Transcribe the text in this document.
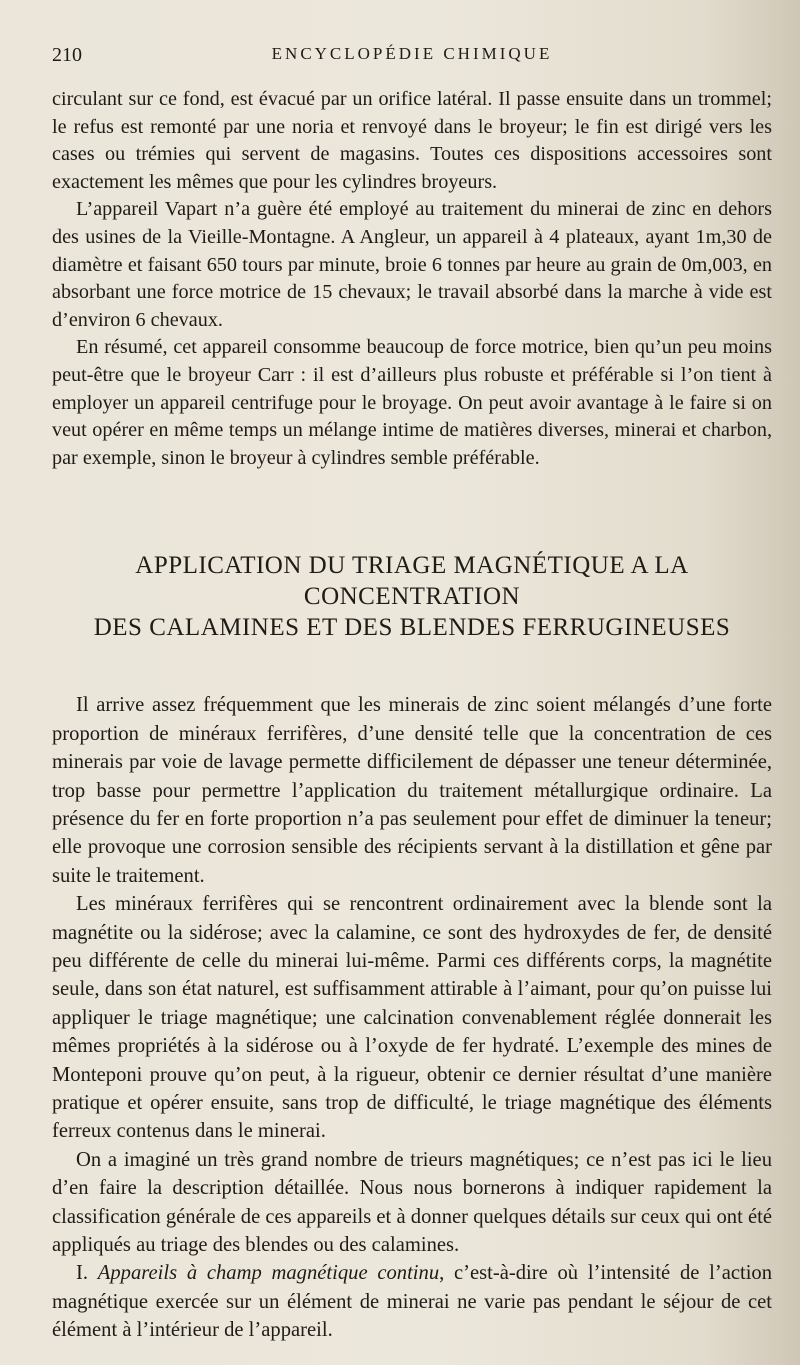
210	ENCYCLOPÉDIE CHIMIQUE

circulant sur ce fond, est évacué par un orifice latéral. Il passe ensuite dans un trommel; le refus est remonté par une noria et renvoyé dans le broyeur; le fin est dirigé vers les cases ou trémies qui servent de magasins. Toutes ces dispositions accessoires sont exactement les mêmes que pour les cylindres broyeurs.

L’appareil Vapart n’a guère été employé au traitement du minerai de zinc en dehors des usines de la Vieille-Montagne. A Angleur, un appareil à 4 plateaux, ayant 1m,30 de diamètre et faisant 650 tours par minute, broie 6 tonnes par heure au grain de 0m,003, en absorbant une force motrice de 15 chevaux; le travail absorbé dans la marche à vide est d’environ 6 chevaux.

En résumé, cet appareil consomme beaucoup de force motrice, bien qu’un peu moins peut-être que le broyeur Carr : il est d’ailleurs plus robuste et préférable si l’on tient à employer un appareil centrifuge pour le broyage. On peut avoir avantage à le faire si on veut opérer en même temps un mélange intime de matières diverses, minerai et charbon, par exemple, sinon le broyeur à cylindres semble préférable.

APPLICATION DU TRIAGE MAGNÉTIQUE A LA CONCENTRATION
DES CALAMINES ET DES BLENDES FERRUGINEUSES

Il arrive assez fréquemment que les minerais de zinc soient mélangés d’une forte proportion de minéraux ferrifères, d’une densité telle que la concentration de ces minerais par voie de lavage permette difficilement de dépasser une teneur déterminée, trop basse pour permettre l’application du traitement métallurgique ordinaire. La présence du fer en forte proportion n’a pas seulement pour effet de diminuer la teneur; elle provoque une corrosion sensible des récipients servant à la distillation et gêne par suite le traitement.

Les minéraux ferrifères qui se rencontrent ordinairement avec la blende sont la magnétite ou la sidérose; avec la calamine, ce sont des hydroxydes de fer, de densité peu différente de celle du minerai lui-même. Parmi ces différents corps, la magnétite seule, dans son état naturel, est suffisamment attirable à l’aimant, pour qu’on puisse lui appliquer le triage magnétique; une calcination convenablement réglée donnerait les mêmes propriétés à la sidérose ou à l’oxyde de fer hydraté. L’exemple des mines de Monteponi prouve qu’on peut, à la rigueur, obtenir ce dernier résultat d’une manière pratique et opérer ensuite, sans trop de difficulté, le triage magnétique des éléments ferreux contenus dans le minerai.

On a imaginé un très grand nombre de trieurs magnétiques; ce n’est pas ici le lieu d’en faire la description détaillée. Nous nous bornerons à indiquer rapidement la classification générale de ces appareils et à donner quelques détails sur ceux qui ont été appliqués au triage des blendes ou des calamines.

I. Appareils à champ magnétique continu, c’est-à-dire où l’intensité de l’action magnétique exercée sur un élément de minerai ne varie pas pendant le séjour de cet élément à l’intérieur de l’appareil.
